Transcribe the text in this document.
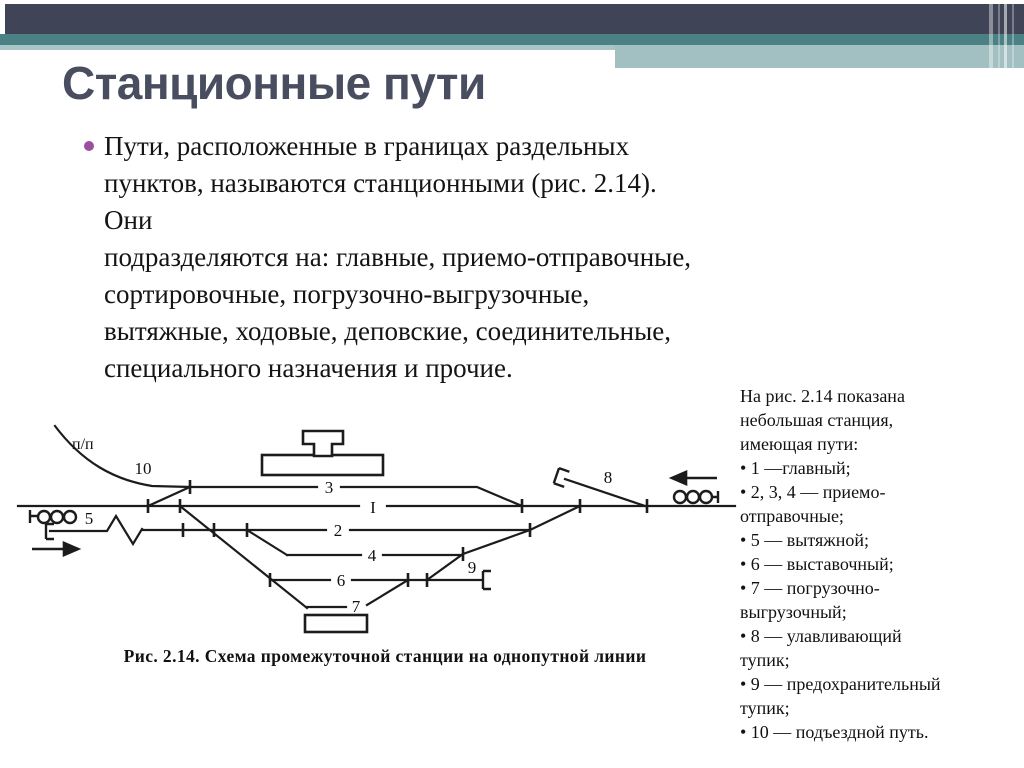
Станционные пути
Пути, расположенные в границах раздельных
пунктов, называются станционными (рис. 2.14). Они
подразделяются на: главные, приемо-отправочные,
сортировочные, погрузочно-выгрузочные,
вытяжные, ходовые, деповские, соединительные,
специального назначения и прочие.
п/п
10
3
I
2
5
4
6
9
7
8
Рис. 2.14. Схема промежуточной станции на однопутной линии
На рис. 2.14 показана
небольшая станция,
имеющая пути:
• 1 —главный;
• 2, 3, 4 — приемо-
отправочные;
• 5 — вытяжной;
• 6 — выставочный;
• 7 — погрузочно-
выгрузочный;
• 8 — улавливающий
тупик;
• 9 — предохранительный
тупик;
• 10 — подъездной путь.
